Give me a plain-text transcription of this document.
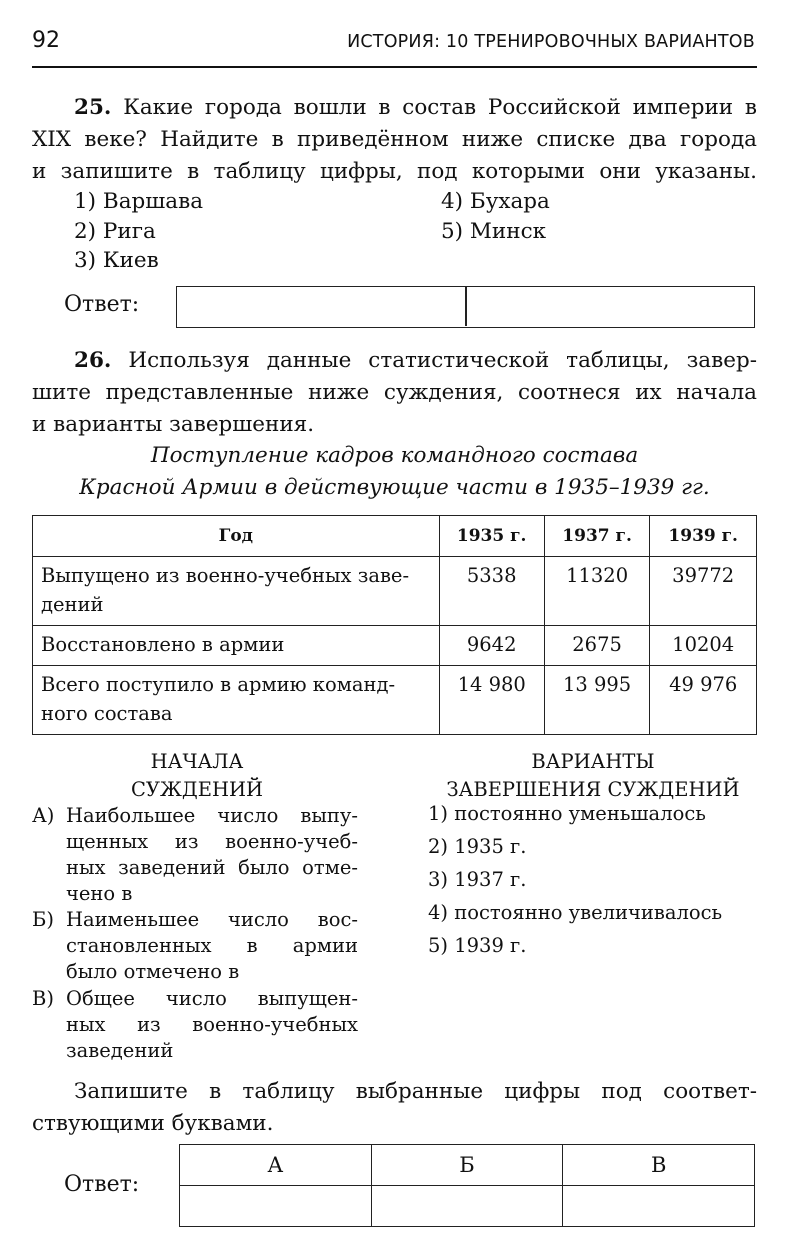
92	ИСТОРИЯ: 10 ТРЕНИРОВОЧНЫХ ВАРИАНТОВ
25. Какие города вошли в состав Российской империи в
XIX веке? Найдите в приведённом ниже списке два города
и запишите в таблицу цифры, под которыми они указаны.
1) Варшава
2) Рига
3) Киев
4) Бухара
5) Минск
Ответ:
26. Используя данные статистической таблицы, завер-
шите представленные ниже суждения, соотнеся их начала
и варианты завершения.
Поступление кадров командного состава
Красной Армии в действующие части в 1935–1939 гг.
Год	1935 г.	1937 г.	1939 г.

Выпущено из военно-учебных заве-
дений	5338	11320	39772
Восстановлено в армии	9642	2675	10204

Всего поступило в армию команд-
ного состава	14 980	13 995	49 976
НАЧАЛА
СУЖДЕНИЙ
ВАРИАНТЫ
ЗАВЕРШЕНИЯ СУЖДЕНИЙ
А) Наибольшее число выпу-
щенных из военно-учеб-
ных заведений было отме-
чено в
Б) Наименьшее число вос-
становленных в армии
было отмечено в
В) Общее число выпущен-
ных из военно-учебных
заведений
1) постоянно уменьшалось
2) 1935 г.
3) 1937 г.
4) постоянно увеличивалось
5) 1939 г.
Запишите в таблицу выбранные цифры под соответ-
ствующими буквами.
Ответ:
А	Б	В
